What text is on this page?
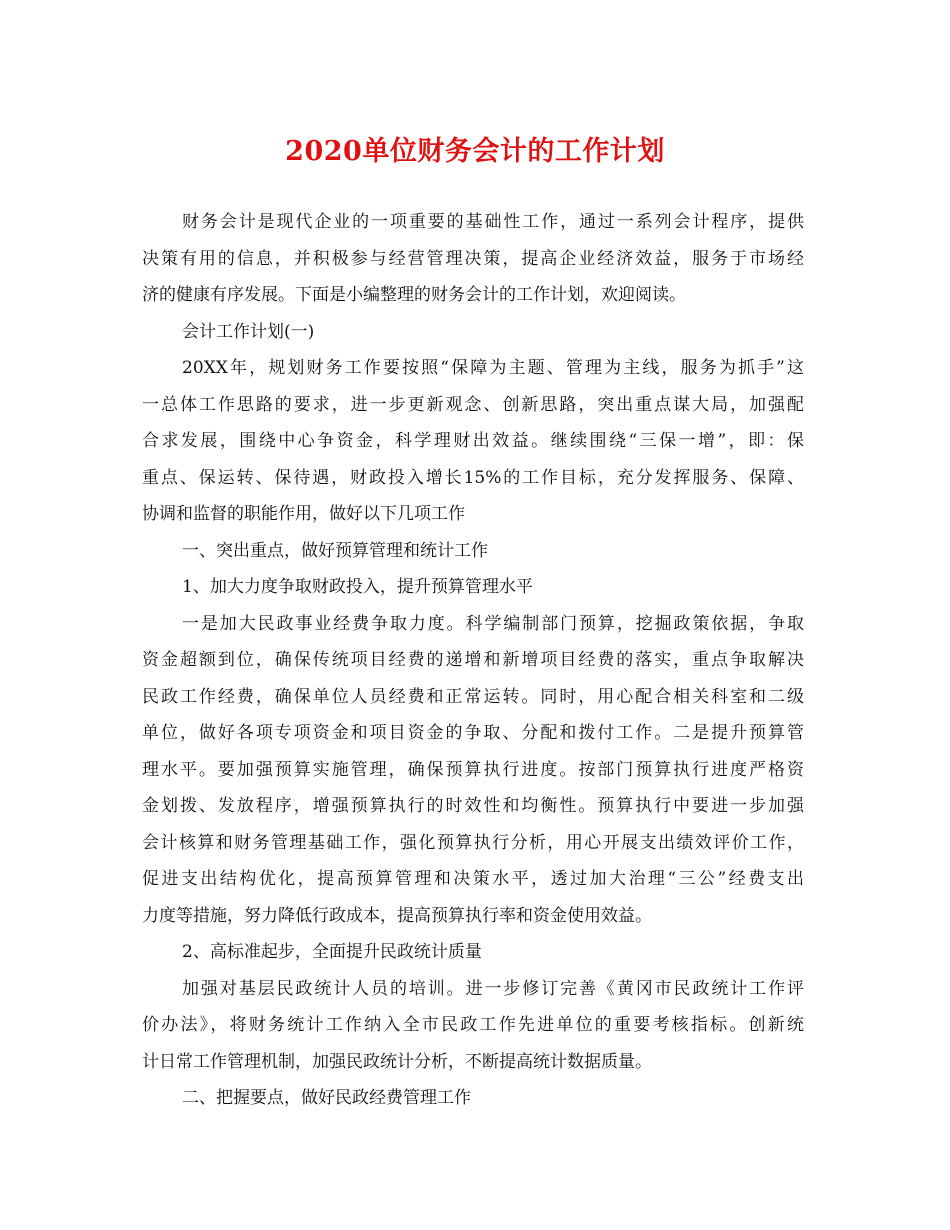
2020单位财务会计的工作计划
财务会计是现代企业的一项重要的基础性工作，通过一系列会计程序，提供
决策有用的信息，并积极参与经营管理决策，提高企业经济效益，服务于市场经
济的健康有序发展。下面是小编整理的财务会计的工作计划，欢迎阅读。
会计工作计划(一)
20XX年，规划财务工作要按照“保障为主题、管理为主线，服务为抓手”这
一总体工作思路的要求，进一步更新观念、创新思路，突出重点谋大局，加强配
合求发展，围绕中心争资金，科学理财出效益。继续围绕“三保一增”，即：保
重点、保运转、保待遇，财政投入增长15%的工作目标，充分发挥服务、保障、
协调和监督的职能作用，做好以下几项工作
一、突出重点，做好预算管理和统计工作
1、加大力度争取财政投入，提升预算管理水平
一是加大民政事业经费争取力度。科学编制部门预算，挖掘政策依据，争取
资金超额到位，确保传统项目经费的递增和新增项目经费的落实，重点争取解决
民政工作经费，确保单位人员经费和正常运转。同时，用心配合相关科室和二级
单位，做好各项专项资金和项目资金的争取、分配和拨付工作。二是提升预算管
理水平。要加强预算实施管理，确保预算执行进度。按部门预算执行进度严格资
金划拨、发放程序，增强预算执行的时效性和均衡性。预算执行中要进一步加强
会计核算和财务管理基础工作，强化预算执行分析，用心开展支出绩效评价工作，
促进支出结构优化，提高预算管理和决策水平，透过加大治理“三公”经费支出
力度等措施，努力降低行政成本，提高预算执行率和资金使用效益。
2、高标准起步，全面提升民政统计质量
加强对基层民政统计人员的培训。进一步修订完善《黄冈市民政统计工作评
价办法》，将财务统计工作纳入全市民政工作先进单位的重要考核指标。创新统
计日常工作管理机制，加强民政统计分析，不断提高统计数据质量。
二、把握要点，做好民政经费管理工作
